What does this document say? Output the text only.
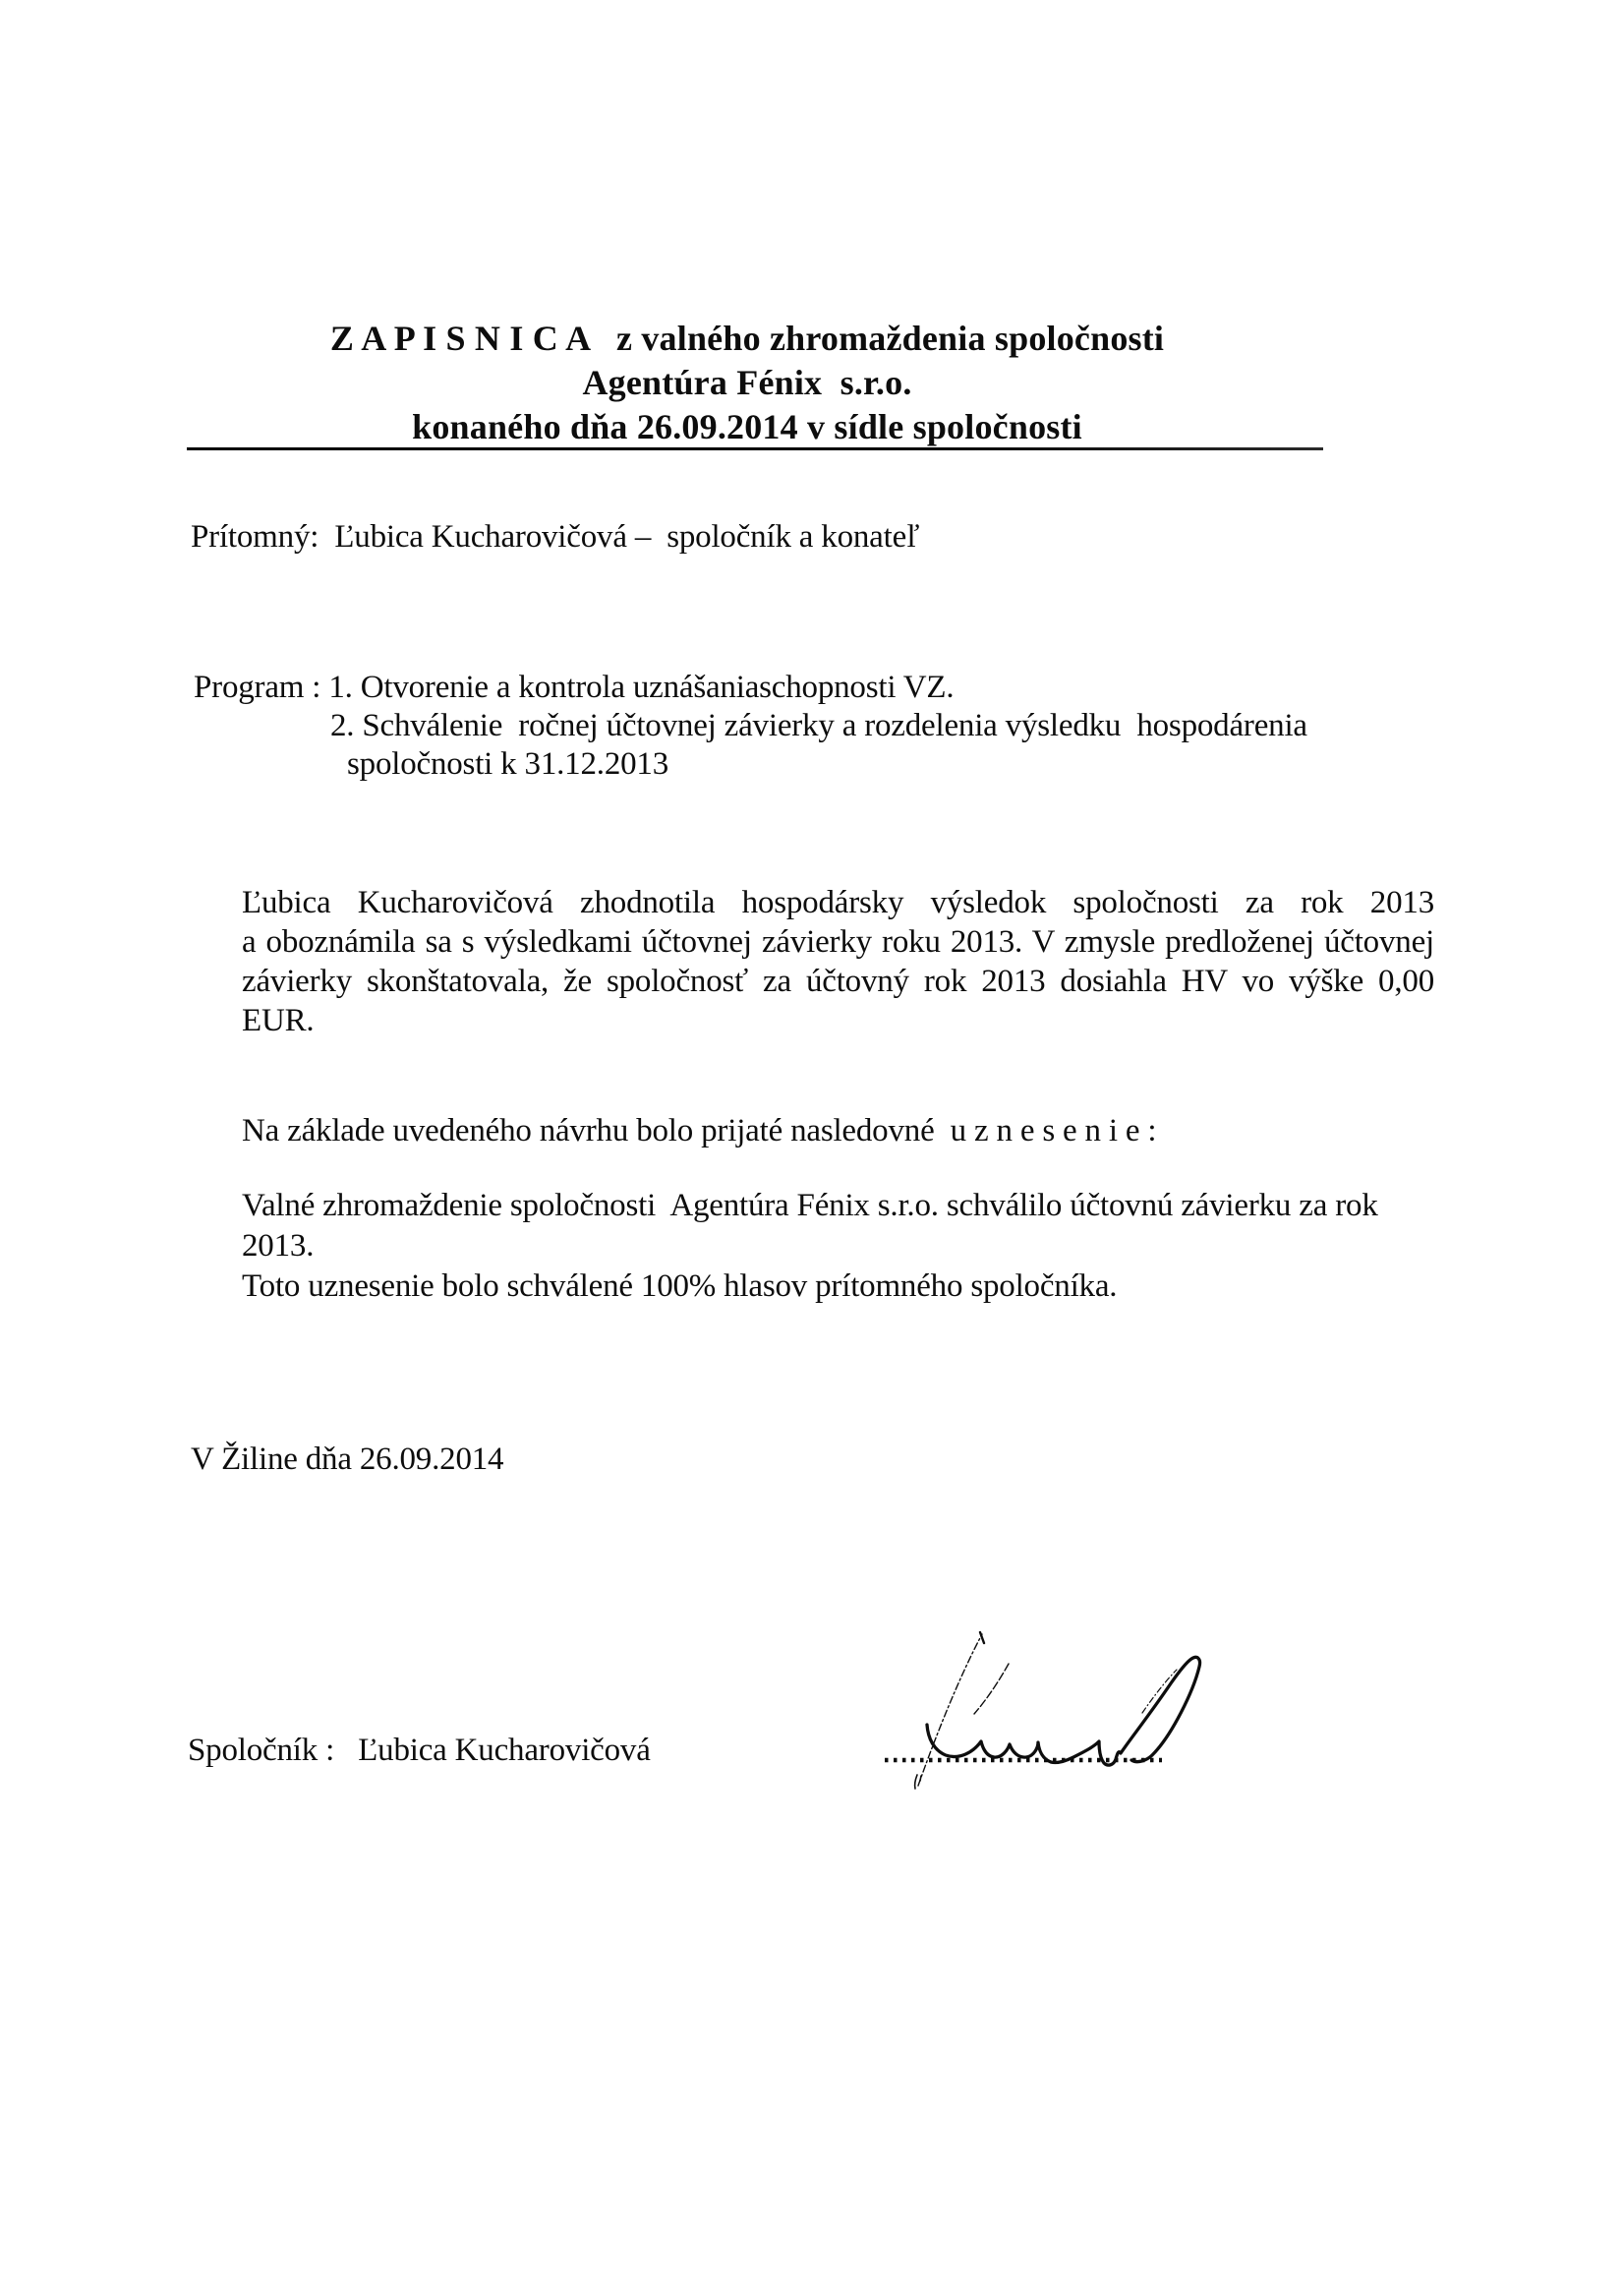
Z A P I S N I C A   z valného zhromaždenia spoločnosti
Agentúra Fénix  s.r.o.
konaného dňa 26.09.2014 v sídle spoločnosti
Prítomný:  Ľubica Kucharovičová –  spoločník a konateľ
Program : 1. Otvorenie a kontrola uznášaniaschopnosti VZ.
2. Schválenie  ročnej účtovnej závierky a rozdelenia výsledku  hospodárenia
spoločnosti k 31.12.2013
Ľubica Kucharovičová zhodnotila hospodársky výsledok spoločnosti za rok 2013
a oboznámila sa s výsledkami účtovnej závierky roku 2013. V zmysle predloženej účtovnej
závierky skonštatovala, že spoločnosť za účtovný rok 2013 dosiahla HV vo výške 0,00
EUR.
Na základe uvedeného návrhu bolo prijaté nasledovné  u z n e s e n i e :
Valné zhromaždenie spoločnosti  Agentúra Fénix s.r.o. schválilo účtovnú závierku za rok
2013.
Toto uznesenie bolo schválené 100% hlasov prítomného spoločníka.
V Žiline dňa 26.09.2014
Spoločník :   Ľubica Kucharovičová
